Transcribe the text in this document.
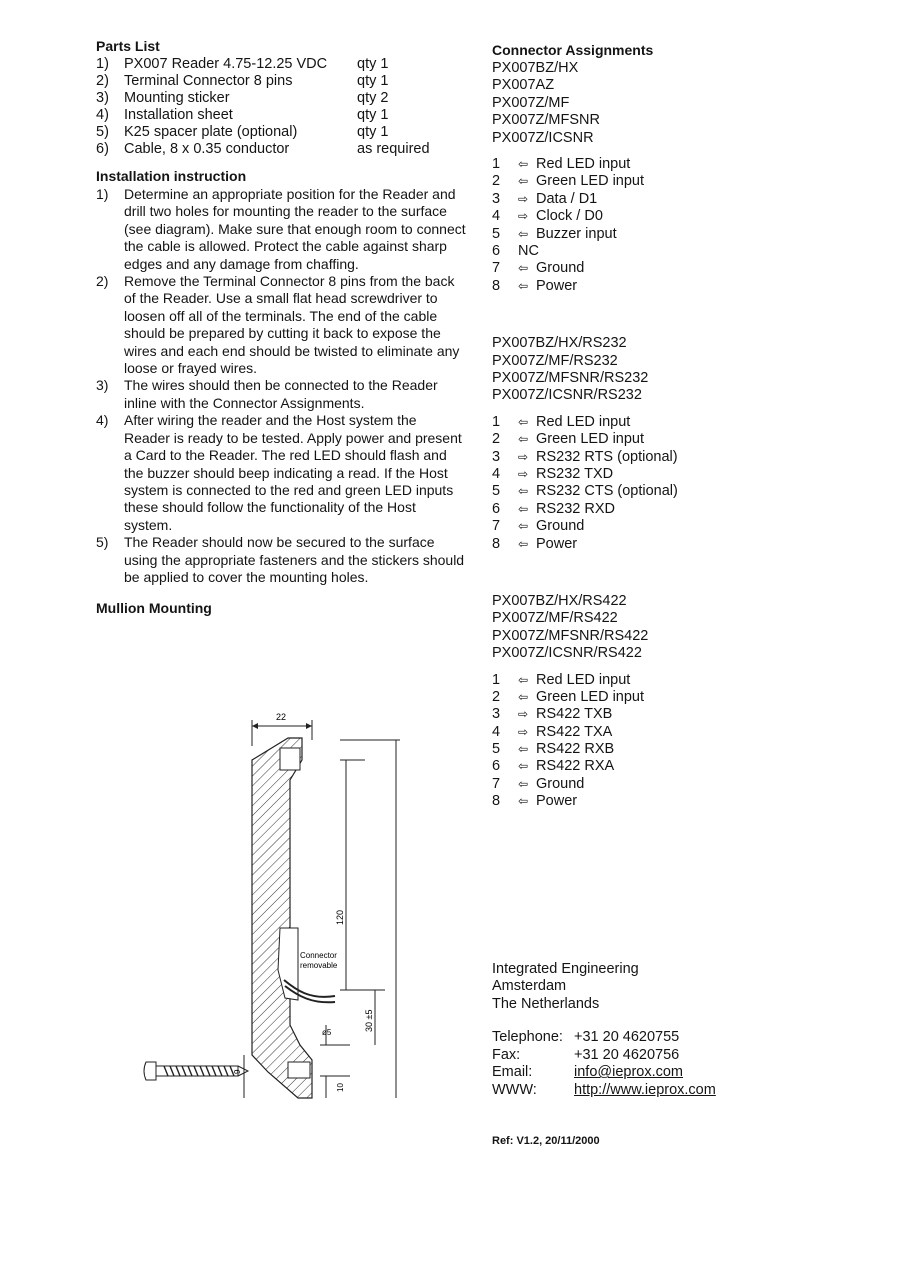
Parts List
1)	PX007 Reader 4.75-12.25 VDC	qty 1
2)	Terminal Connector 8 pins	qty 1
3)	Mounting sticker	qty 2
4)	Installation sheet	qty 1
5)	K25 spacer plate (optional)	qty 1
6)	Cable, 8 x 0.35 conductor	as required
Installation instruction
1)	Determine an appropriate position for the Reader and drill two holes for mounting the reader to the surface (see diagram). Make sure that enough room to connect the cable is allowed. Protect the cable against sharp edges and any damage from chaffing.
2)	Remove the Terminal Connector 8 pins from the back of the Reader. Use a small flat head screwdriver to loosen off all of the terminals. The end of the cable should be prepared by cutting it back to expose the wires and each end should be twisted to eliminate any loose or frayed wires.
3)	The wires should then be connected to the Reader inline with the Connector Assignments.
4)	After wiring the reader and the Host system the Reader is ready to be tested. Apply power and present a Card to the Reader. The red LED should flash and the buzzer should beep indicating a read. If the Host system is connected to the red and green LED inputs these should follow the functionality of the Host system.
5)	The Reader should now be secured to the surface using the appropriate fasteners and the stickers should be applied to cover the mounting holes.
Mullion Mounting
22
120
30 ±5
ø5
10
9
Connector
removable
Connector Assignments
PX007BZ/HX
PX007AZ
PX007Z/MF
PX007Z/MFSNR
PX007Z/ICSNR
1	⇦ Red LED input
2	⇦ Green LED input
3	⇨ Data / D1
4	⇨ Clock / D0
5	⇦ Buzzer input
6	NC
7	⇦ Ground
8	⇦ Power
PX007BZ/HX/RS232
PX007Z/MF/RS232
PX007Z/MFSNR/RS232
PX007Z/ICSNR/RS232
1	⇦ Red LED input
2	⇦ Green LED input
3	⇨ RS232 RTS (optional)
4	⇨ RS232 TXD
5	⇦ RS232 CTS (optional)
6	⇦ RS232 RXD
7	⇦ Ground
8	⇦ Power
PX007BZ/HX/RS422
PX007Z/MF/RS422
PX007Z/MFSNR/RS422
PX007Z/ICSNR/RS422
1	⇦ Red LED input
2	⇦ Green LED input
3	⇨ RS422 TXB
4	⇨ RS422 TXA
5	⇦ RS422 RXB
6	⇦ RS422 RXA
7	⇦ Ground
8	⇦ Power
Integrated Engineering
Amsterdam
The Netherlands
Telephone: +31 20 4620755
Fax:	+31 20 4620756
Email:	info@ieprox.com
WWW:	http://www.ieprox.com
Ref: V1.2, 20/11/2000
